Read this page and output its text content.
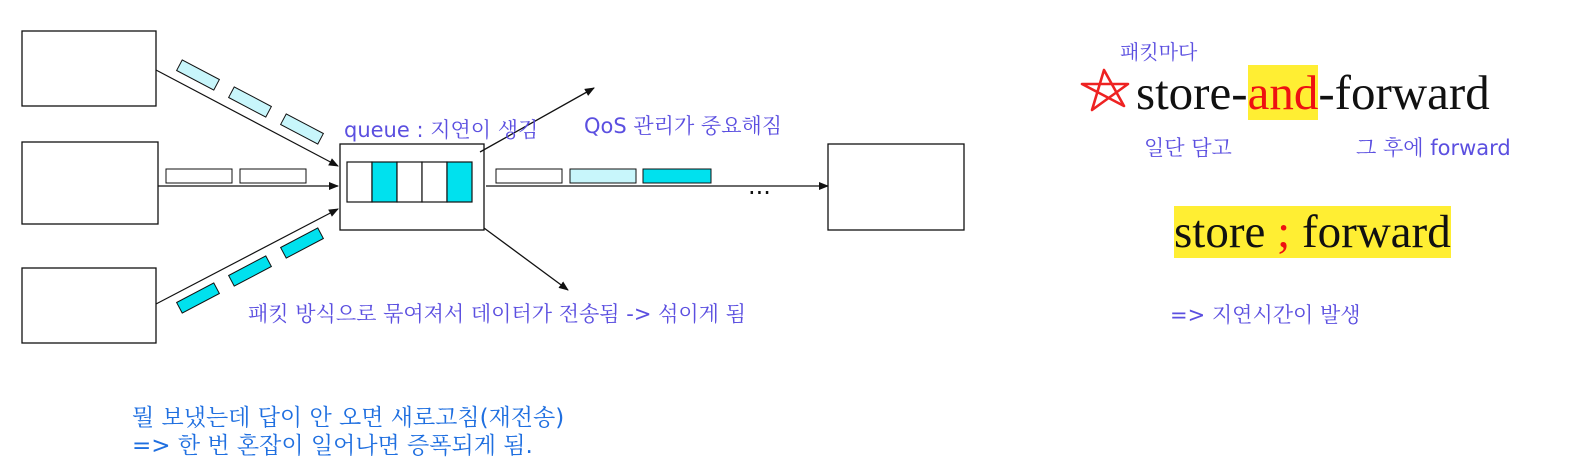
...
queue : 지연이 생김 QoS 관리가 중요해짐
패킷 방식으로 묶여져서 데이터가 전송됨 -> 섞이게 됨
패킷마다
store-and-forward
일단 담고	그 후에 forward
store ; forward
=> 지연시간이 발생
뭘 보냈는데 답이 안 오면 새로고침(재전송)
=> 한 번 혼잡이 일어나면 증폭되게 됨.
